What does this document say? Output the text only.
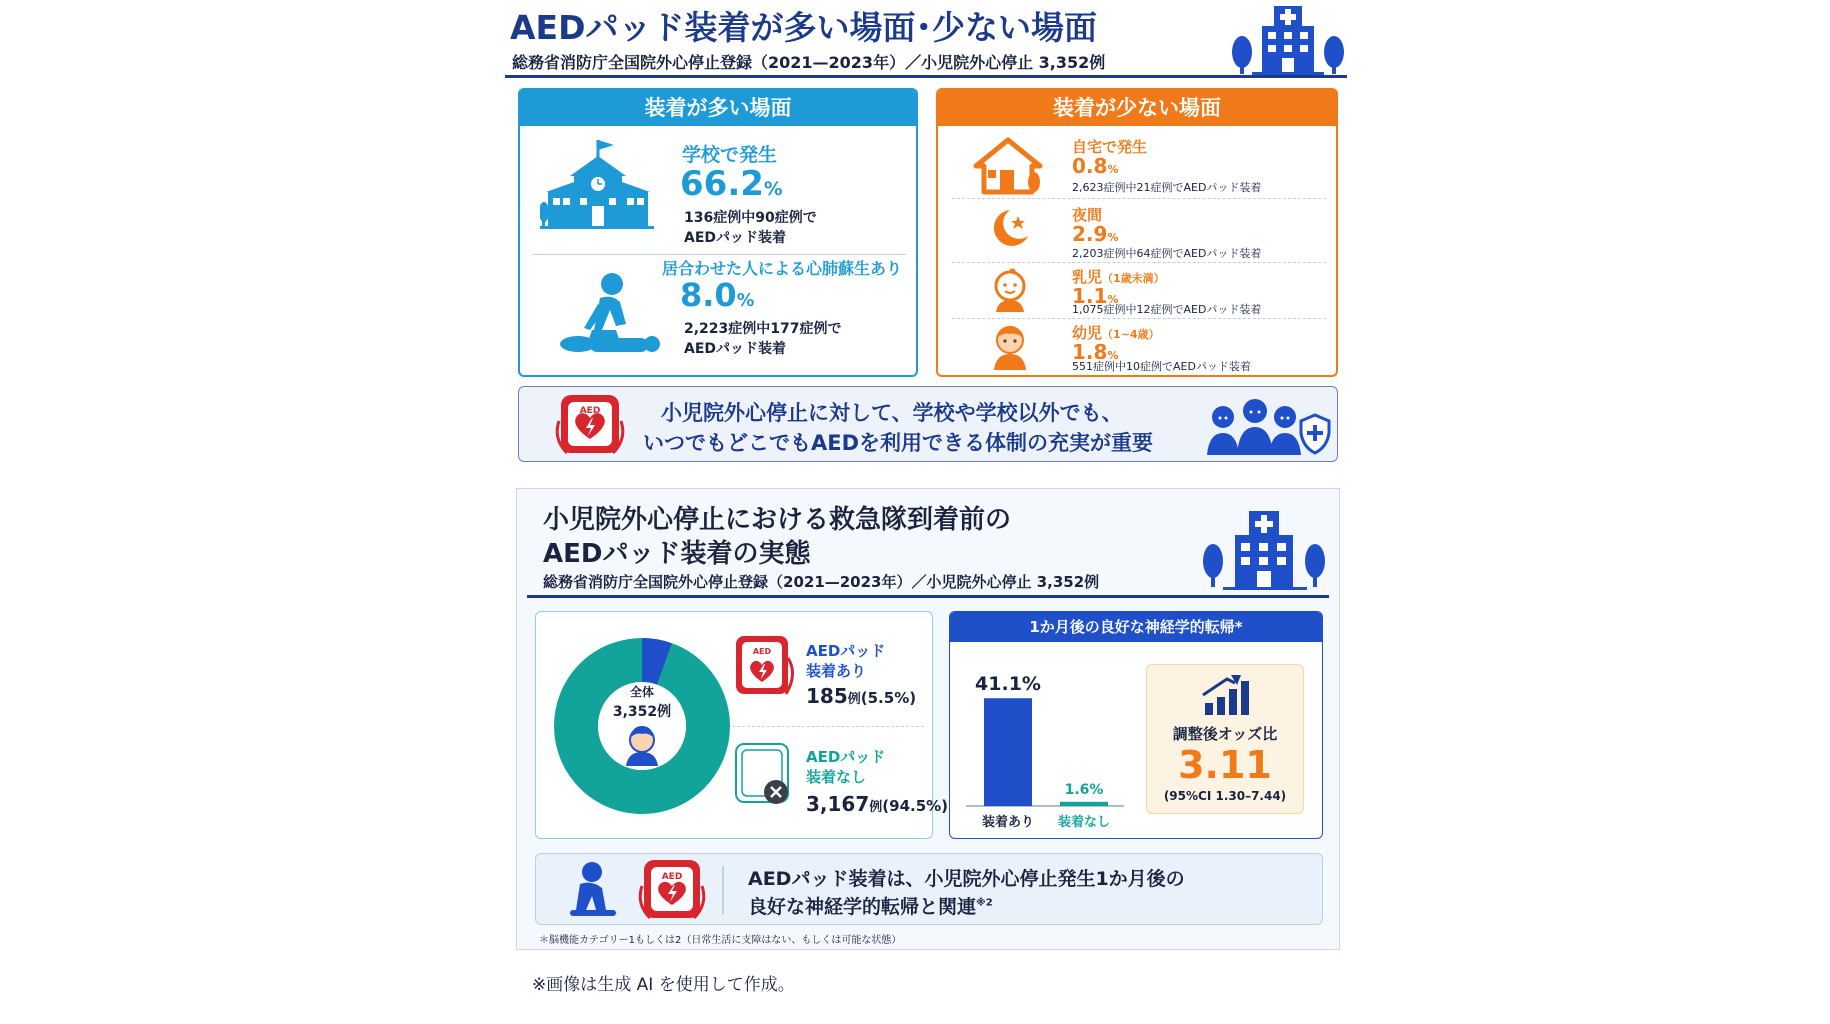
AEDパッド装着が多い場面･少ない場面
総務省消防庁全国院外心停止登録（2021—2023年）／小児院外心停止 3,352例
装着が多い場面
学校で発生
66.2%
136症例中90症例で
AEDパッド装着
居合わせた人による心肺蘇生あり
8.0%
2,223症例中177症例で
AEDパッド装着
装着が少ない場面
自宅で発生
0.8%
2,623症例中21症例でAEDパッド装着
夜間
2.9%
2,203症例中64症例でAEDパッド装着
乳児（1歳未満）
1.1%
1,075症例中12症例でAEDパッド装着
幼児（1~4歳）
1.8%
551症例中10症例でAEDパッド装着
AED	小児院外心停止に対して、学校や学校以外でも、
いつでもどこでもAEDを利用できる体制の充実が重要
小児院外心停止における救急隊到着前の
AEDパッド装着の実態
総務省消防庁全国院外心停止登録（2021—2023年）／小児院外心停止 3,352例
全体
3,352例
AED AEDパッド
装着あり
185例(5.5%)
AEDパッド
装着なし
3,167例(94.5%)
1か月後の良好な神経学的転帰*
41.1%
1.6%
装着あり 装着なし
調整後オッズ比
3.11
(95%CI 1.30–7.44)
AED	AEDパッド装着は、小児院外心停止発生1か月後の
良好な神経学的転帰と関連$^{※2}$
＊脳機能カテゴリー1もしくは2（日常生活に支障はない、もしくは可能な状態）
※画像は生成 AI を使用して作成。
